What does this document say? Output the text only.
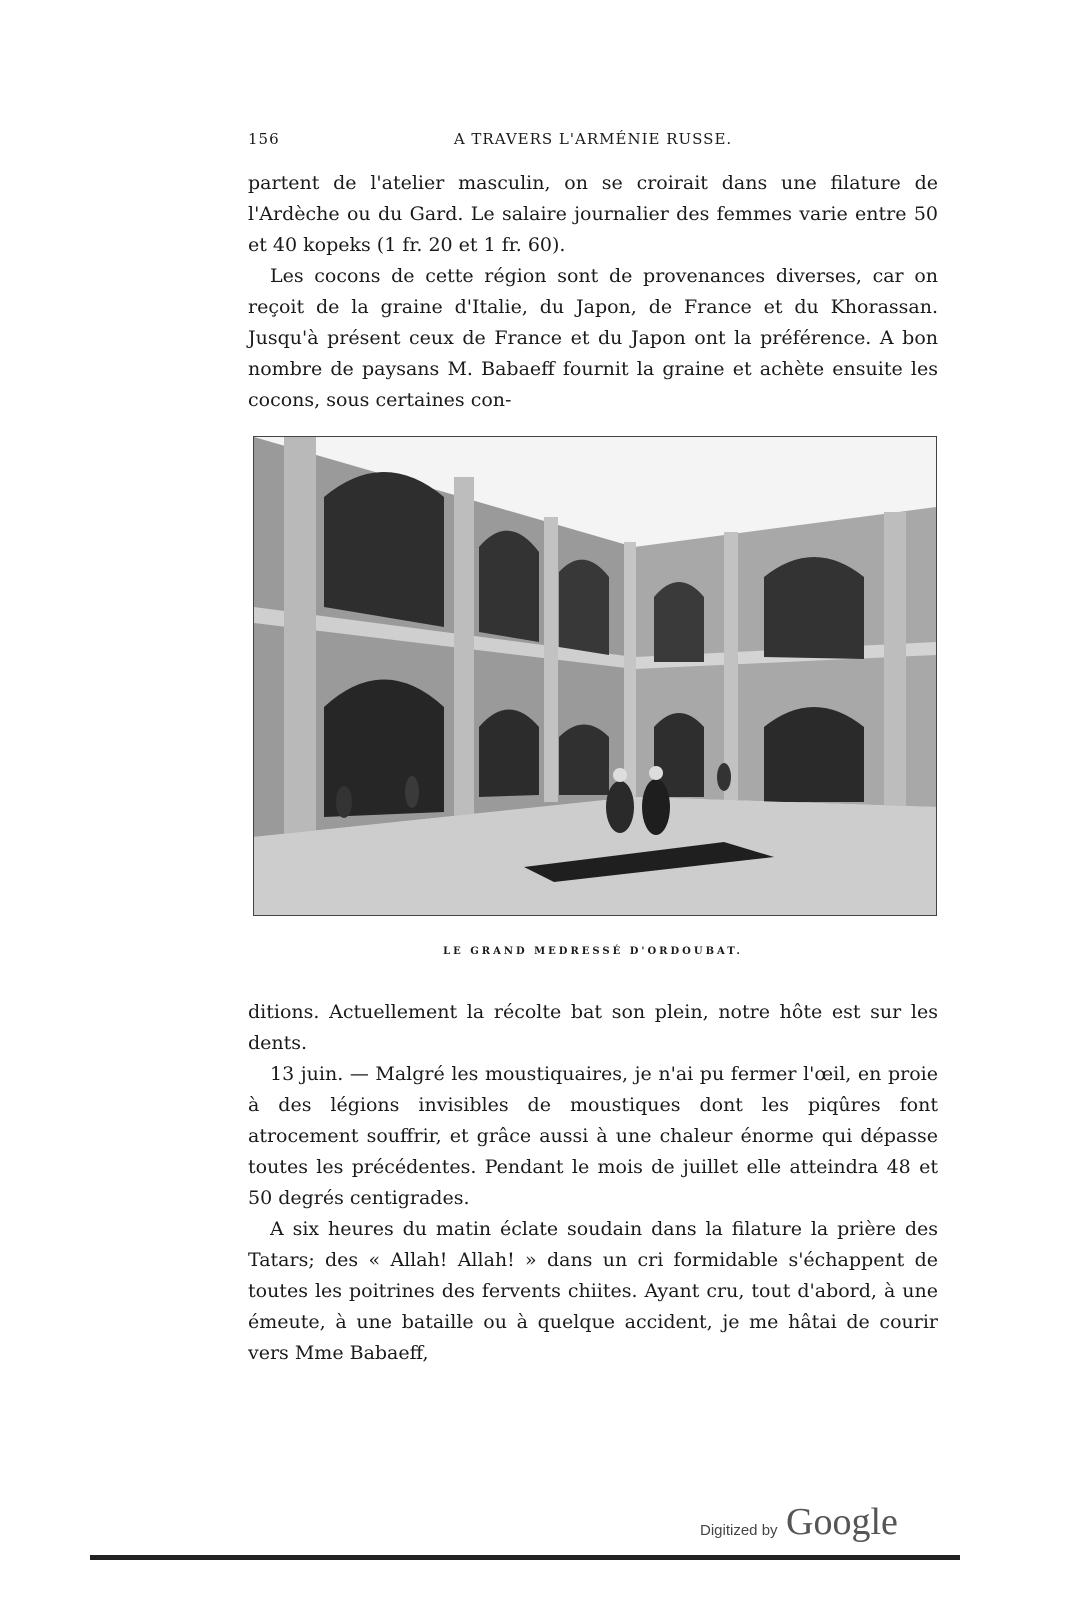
156	A TRAVERS L'ARMÉNIE RUSSE.

partent de l'atelier masculin, on se croirait dans une filature de l'Ardèche ou du Gard. Le salaire journalier des femmes varie entre 50 et 40 kopeks (1 fr. 20 et 1 fr. 60).

Les cocons de cette région sont de provenances diverses, car on reçoit de la graine d'Italie, du Japon, de France et du Khorassan. Jusqu'à présent ceux de France et du Japon ont la préférence. A bon nombre de paysans M. Babaeff fournit la graine et achète ensuite les cocons, sous certaines con-

LE GRAND MEDRESSÉ D'ORDOUBAT.

ditions. Actuellement la récolte bat son plein, notre hôte est sur les dents.

13 juin. — Malgré les moustiquaires, je n'ai pu fermer l'œil, en proie à des légions invisibles de moustiques dont les piqûres font atrocement souffrir, et grâce aussi à une chaleur énorme qui dépasse toutes les précédentes. Pendant le mois de juillet elle atteindra 48 et 50 degrés centigrades.

A six heures du matin éclate soudain dans la filature la prière des Tatars; des « Allah! Allah! » dans un cri formidable s'échappent de toutes les poitrines des fervents chiites. Ayant cru, tout d'abord, à une émeute, à une bataille ou à quelque accident, je me hâtai de courir vers Mme Babaeff,

Digitized by Google
